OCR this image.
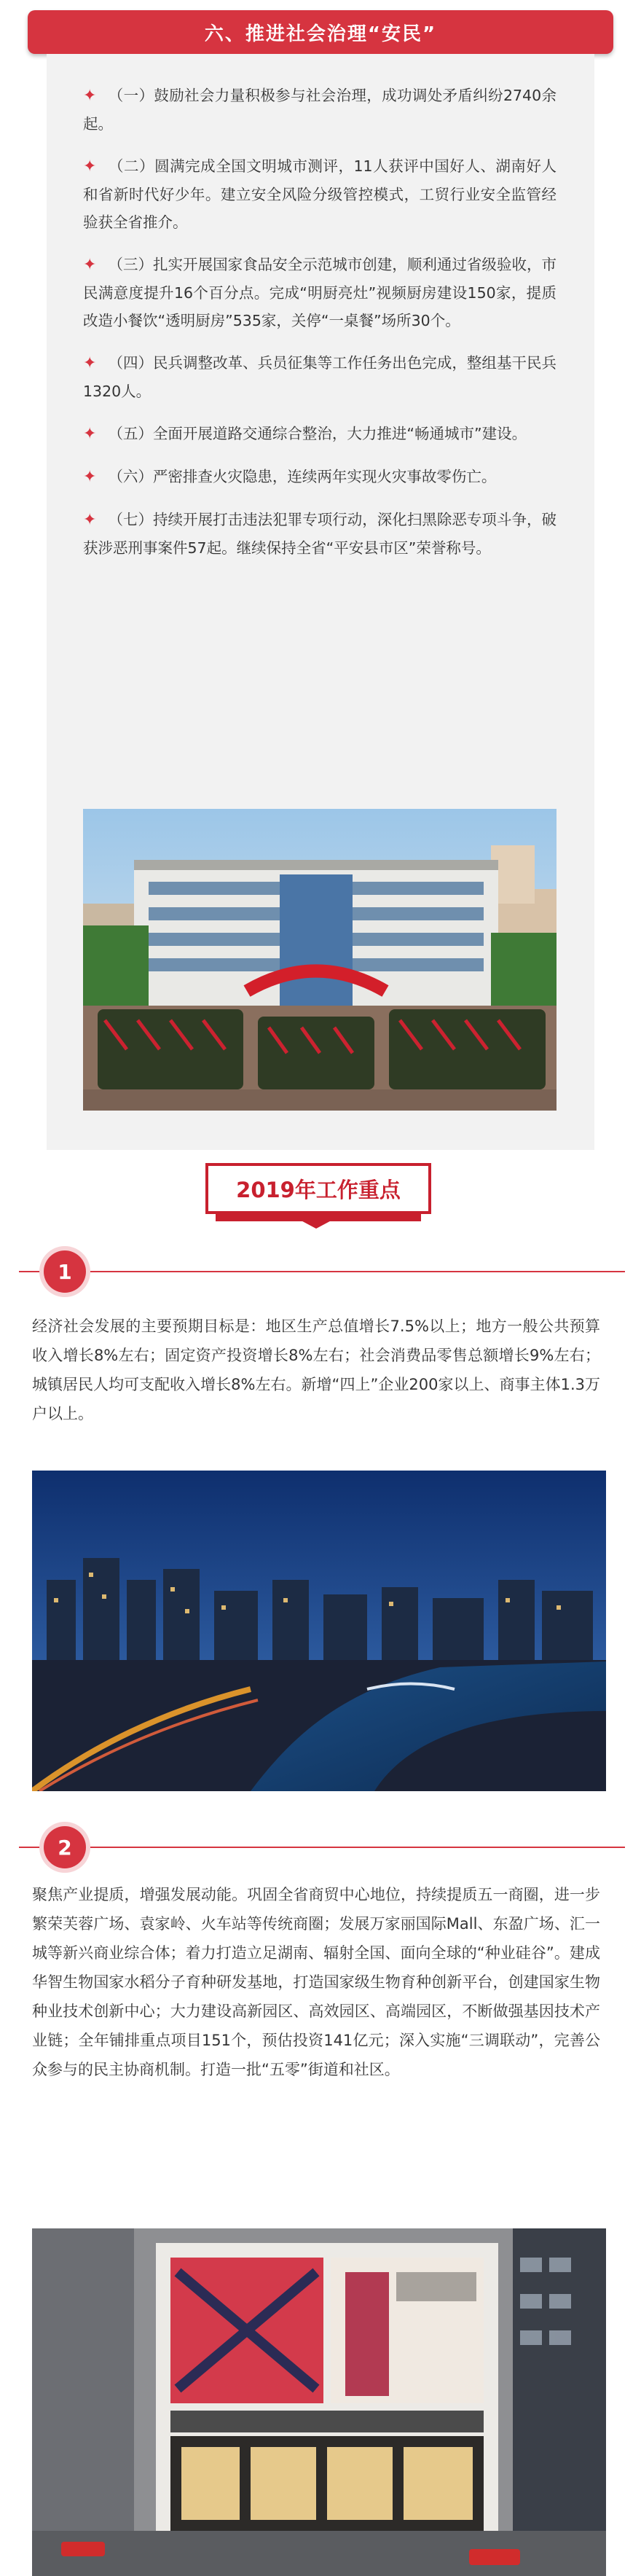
六、推进社会治理“安民”
✦ （一）鼓励社会力量积极参与社会治理，成功调处矛盾纠纷2740余起。
✦ （二）圆满完成全国文明城市测评，11人获评中国好人、湖南好人和省新时代好少年。建立安全风险分级管控模式，工贸行业安全监管经验获全省推介。
✦ （三）扎实开展国家食品安全示范城市创建，顺利通过省级验收，市民满意度提升16个百分点。完成“明厨亮灶”视频厨房建设150家，提质改造小餐饮“透明厨房”535家，关停“一桌餐”场所30个。
✦ （四）民兵调整改革、兵员征集等工作任务出色完成，整组基干民兵1320人。
✦ （五）全面开展道路交通综合整治，大力推进“畅通城市”建设。
✦ （六）严密排查火灾隐患，连续两年实现火灾事故零伤亡。
✦ （七）持续开展打击违法犯罪专项行动，深化扫黑除恶专项斗争，破获涉恶刑事案件57起。继续保持全省“平安县市区”荣誉称号。
2019年工作重点
1
经济社会发展的主要预期目标是：地区生产总值增长7.5%以上；地方一般公共预算收入增长8%左右；固定资产投资增长8%左右；社会消费品零售总额增长9%左右；城镇居民人均可支配收入增长8%左右。新增“四上”企业200家以上、商事主体1.3万户以上。
2
聚焦产业提质，增强发展动能。巩固全省商贸中心地位，持续提质五一商圈，进一步繁荣芙蓉广场、袁家岭、火车站等传统商圈；发展万家丽国际Mall、东盈广场、汇一城等新兴商业综合体；着力打造立足湖南、辐射全国、面向全球的“种业硅谷”。建成华智生物国家水稻分子育种研发基地，打造国家级生物育种创新平台，创建国家生物种业技术创新中心；大力建设高新园区、高效园区、高端园区，不断做强基因技术产业链；全年铺排重点项目151个，预估投资141亿元；深入实施“三调联动”，完善公众参与的民主协商机制。打造一批“五零”街道和社区。
